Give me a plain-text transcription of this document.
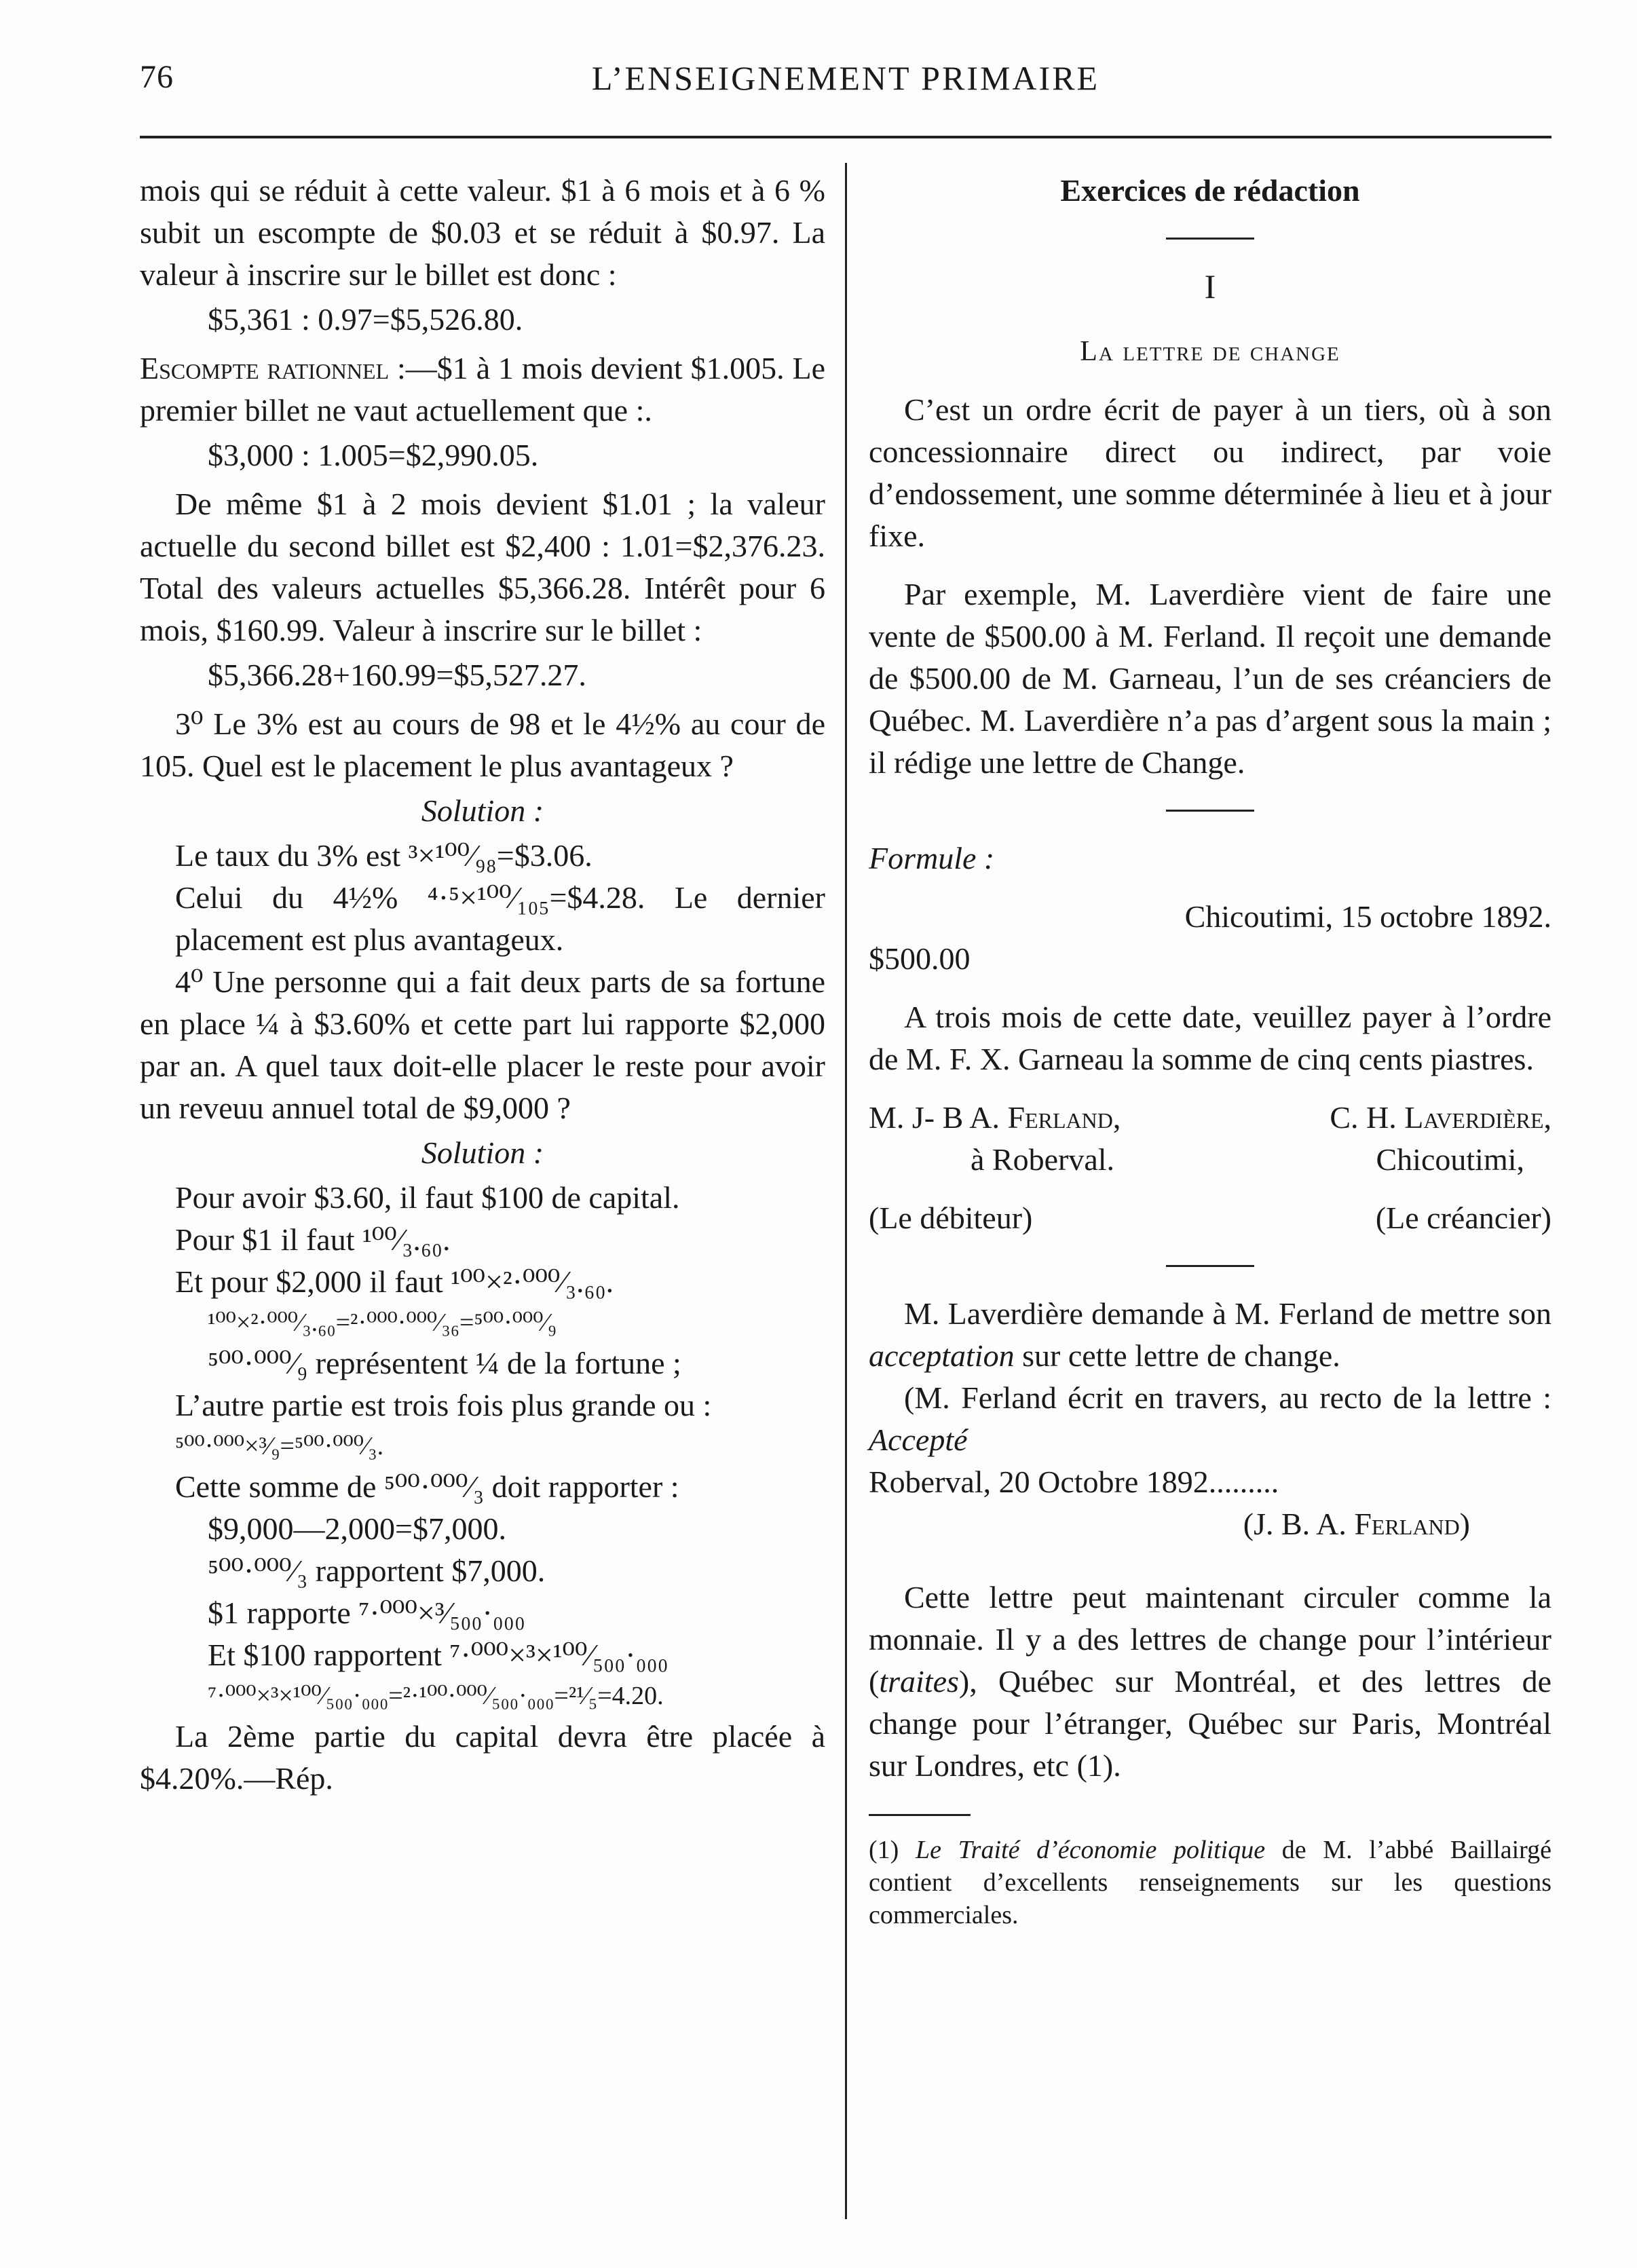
76	L’ENSEIGNEMENT PRIMAIRE

mois qui se réduit à cette valeur. $1 à 6 mois et à 6 % subit un escompte de $0.03 et se réduit à $0.97. La valeur à inscrire sur le billet est donc :

$5,361 : 0.97=$5,526.80.

Escompte rationnel :—$1 à 1 mois devient $1.005. Le premier billet ne vaut actuellement que :.

$3,000 : 1.005=$2,990.05.

De même $1 à 2 mois devient $1.01 ; la valeur actuelle du second billet est $2,400 : 1.01=$2,376.23. Total des valeurs actuelles $5,366.28. Intérêt pour 6 mois, $160.99. Valeur à inscrire sur le billet :

$5,366.28+160.99=$5,527.27.

3⁰ Le 3% est au cours de 98 et le 4½% au cour de 105. Quel est le placement le plus avantageux ?

Solution :

Le taux du 3% est ³×¹⁰⁰⁄₉₈=$3.06.

Celui du 4½% ⁴·⁵×¹⁰⁰⁄₁₀₅=$4.28. Le dernier placement est plus avantageux.

4⁰ Une personne qui a fait deux parts de sa fortune en place ¼ à $3.60% et cette part lui rapporte $2,000 par an. A quel taux doit-elle placer le reste pour avoir un reveuu annuel total de $9,000 ?

Solution :

Pour avoir $3.60, il faut $100 de capital.

Pour $1 il faut ¹⁰⁰⁄₃.₆₀.

Et pour $2,000 il faut ¹⁰⁰×²·⁰⁰⁰⁄₃.₆₀.

¹⁰⁰×²·⁰⁰⁰⁄₃.₆₀=²·⁰⁰⁰·⁰⁰⁰⁄₃₆=⁵⁰⁰·⁰⁰⁰⁄₉

⁵⁰⁰·⁰⁰⁰⁄₉ représentent ¼ de la fortune ;

L’autre partie est trois fois plus grande ou :

⁵⁰⁰·⁰⁰⁰×³⁄₉=⁵⁰⁰·⁰⁰⁰⁄₃.

Cette somme de ⁵⁰⁰·⁰⁰⁰⁄₃ doit rapporter :

$9,000—2,000=$7,000.

⁵⁰⁰·⁰⁰⁰⁄₃ rapportent $7,000.

$1 rapporte ⁷·⁰⁰⁰×³⁄₅₀₀·₀₀₀

Et $100 rapportent ⁷·⁰⁰⁰×³×¹⁰⁰⁄₅₀₀·₀₀₀

⁷·⁰⁰⁰×³×¹⁰⁰⁄₅₀₀·₀₀₀=²·¹⁰⁰·⁰⁰⁰⁄₅₀₀·₀₀₀=²¹⁄₅=4.20.

La 2ème partie du capital devra être placée à $4.20%.—Rép.

Exercices de rédaction
I
La lettre de change

C’est un ordre écrit de payer à un tiers, où à son concessionnaire direct ou indirect, par voie d’endossement, une somme déterminée à lieu et à jour fixe.

Par exemple, M. Laverdière vient de faire une vente de $500.00 à M. Ferland. Il reçoit une demande de $500.00 de M. Garneau, l’un de ses créanciers de Québec. M. Laverdière n’a pas d’argent sous la main ; il rédige une lettre de Change.

Formule :

Chicoutimi, 15 octobre 1892.

$500.00

A trois mois de cette date, veuillez payer à l’ordre de M. F. X. Garneau la somme de cinq cents piastres.

M. J- B A. Ferland,	C. H. Laverdière,
à Roberval.	Chicoutimi,
(Le débiteur)	(Le créancier)

M. Laverdière demande à M. Ferland de mettre son acceptation sur cette lettre de change.

(M. Ferland écrit en travers, au recto de la lettre : Accepté

Roberval, 20 Octobre 1892.........

(J. B. A. Ferland)

Cette lettre peut maintenant circuler comme la monnaie. Il y a des lettres de change pour l’intérieur (traites), Québec sur Montréal, et des lettres de change pour l’étranger, Québec sur Paris, Montréal sur Londres, etc (1).

(1) Le Traité d’économie politique de M. l’abbé Baillairgé contient d’excellents renseignements sur les questions commerciales.
